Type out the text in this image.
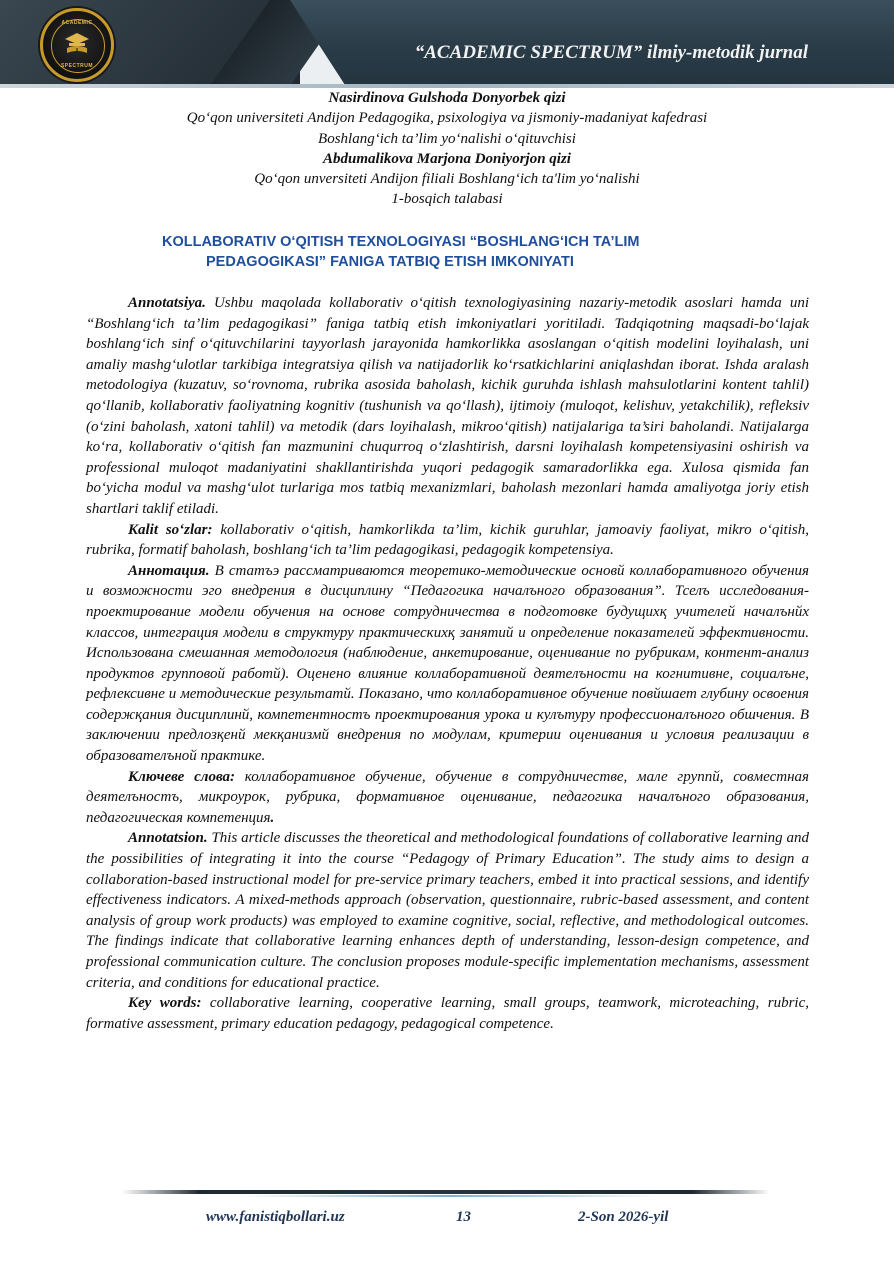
ACADEMIC
SPECTRUM
“ACADEMIC SPECTRUM” ilmiy-metodik jurnal
Nasirdinova Gulshoda Donyorbek qizi
Qo‘qon universiteti Andijon Pedagogika, psixologiya va jismoniy-madaniyat kafedrasi
Boshlang‘ich ta’lim yo‘nalishi o‘qituvchisi
Abdumalikova Marjona Doniyorjon qizi
Qo‘qon unversiteti Andijon filiali Boshlang‘ich ta'lim yo‘nalishi
1-bosqich talabasi
KOLLABORATIV O‘QITISH TEXNOLOGIYASI “BOSHLANG‘ICH TA’LIM
PEDAGOGIKASI” FANIGA TATBIQ ETISH IMKONIYATI

Annotatsiya. Ushbu maqolada kollaborativ o‘qitish texnologiyasining nazariy-metodik asoslari hamda uni “Boshlang‘ich ta’lim pedagogikasi” faniga tatbiq etish imkoniyatlari yoritiladi. Tadqiqotning maqsadi-bo‘lajak boshlang‘ich sinf o‘qituvchilarini tayyorlash jarayonida hamkorlikka asoslangan o‘qitish modelini loyihalash, uni amaliy mashg‘ulotlar tarkibiga integratsiya qilish va natijadorlik ko‘rsatkichlarini aniqlashdan iborat. Ishda aralash metodologiya (kuzatuv, so‘rovnoma, rubrika asosida baholash, kichik guruhda ishlash mahsulotlarini kontent tahlil) qo‘llanib, kollaborativ faoliyatning kognitiv (tushunish va qo‘llash), ijtimoiy (muloqot, kelishuv, yetakchilik), refleksiv (o‘zini baholash, xatoni tahlil) va metodik (dars loyihalash, mikroo‘qitish) natijalariga ta’siri baholandi. Natijalarga ko‘ra, kollaborativ o‘qitish fan mazmunini chuqurroq o‘zlashtirish, darsni loyihalash kompetensiyasini oshirish va professional muloqot madaniyatini shakllantirishda yuqori pedagogik samaradorlikka ega. Xulosa qismida fan bo‘yicha modul va mashg‘ulot turlariga mos tatbiq mexanizmlari, baholash mezonlari hamda amaliyotga joriy etish shartlari taklif etiladi.

Kalit so‘zlar: kollaborativ o‘qitish, hamkorlikda ta’lim, kichik guruhlar, jamoaviy faoliyat, mikro o‘qitish, rubrika, formatif baholash, boshlang‘ich ta’lim pedagogikasi, pedagogik kompetensiya.

Аннотация. В статъэ рассматриваются теоретико-методические основй коллаборативного обучения и возможности эго внедрения в дисциплину “Педагогика началъного образования”. Тселъ исследования-проектирование модели обучения на основе сотрудничества в подготовке будущихқ учителей началънйх классов, интеграция модели в структуру практическихқ занятий и определение показателей эффективности. Использована смешанная методология (наблюдение, анкетирование, оценивание по рубрикам, контент-анализ продуктов групповой работй). Оценено влияние коллаборативной деятелъности на когнитивне, социалъне, рефлексивне и методические результатй. Показано, что коллаборативное обучение повйшает глубину освоения содержқания дисциплинй, компетентностъ проектирования урока и кулътуру профессионалъного обшчения. В заключении предлозқенй мекқанизмй внедрения по модулам, критерии оценивания и условия реализации в образователъной практике.

Ключеве слова: коллаборативное обучение, обучение в сотрудничестве, мале группй, совместная деятелъностъ, микроурок, рубрика, формативное оценивание, педагогика началъного образования, педагогическая компетенция.

Annotatsion. This article discusses the theoretical and methodological foundations of collaborative learning and the possibilities of integrating it into the course “Pedagogy of Primary Education”. The study aims to design a collaboration-based instructional model for pre-service primary teachers, embed it into practical sessions, and identify effectiveness indicators. A mixed-methods approach (observation, questionnaire, rubric-based assessment, and content analysis of group work products) was employed to examine cognitive, social, reflective, and methodological outcomes. The findings indicate that collaborative learning enhances depth of understanding, lesson-design competence, and professional communication culture. The conclusion proposes module-specific implementation mechanisms, assessment criteria, and conditions for educational practice.

Key words: collaborative learning, cooperative learning, small groups, teamwork, microteaching, rubric, formative assessment, primary education pedagogy, pedagogical competence.

www.fanistiqbollari.uz	13	2-Son 2026-yil
